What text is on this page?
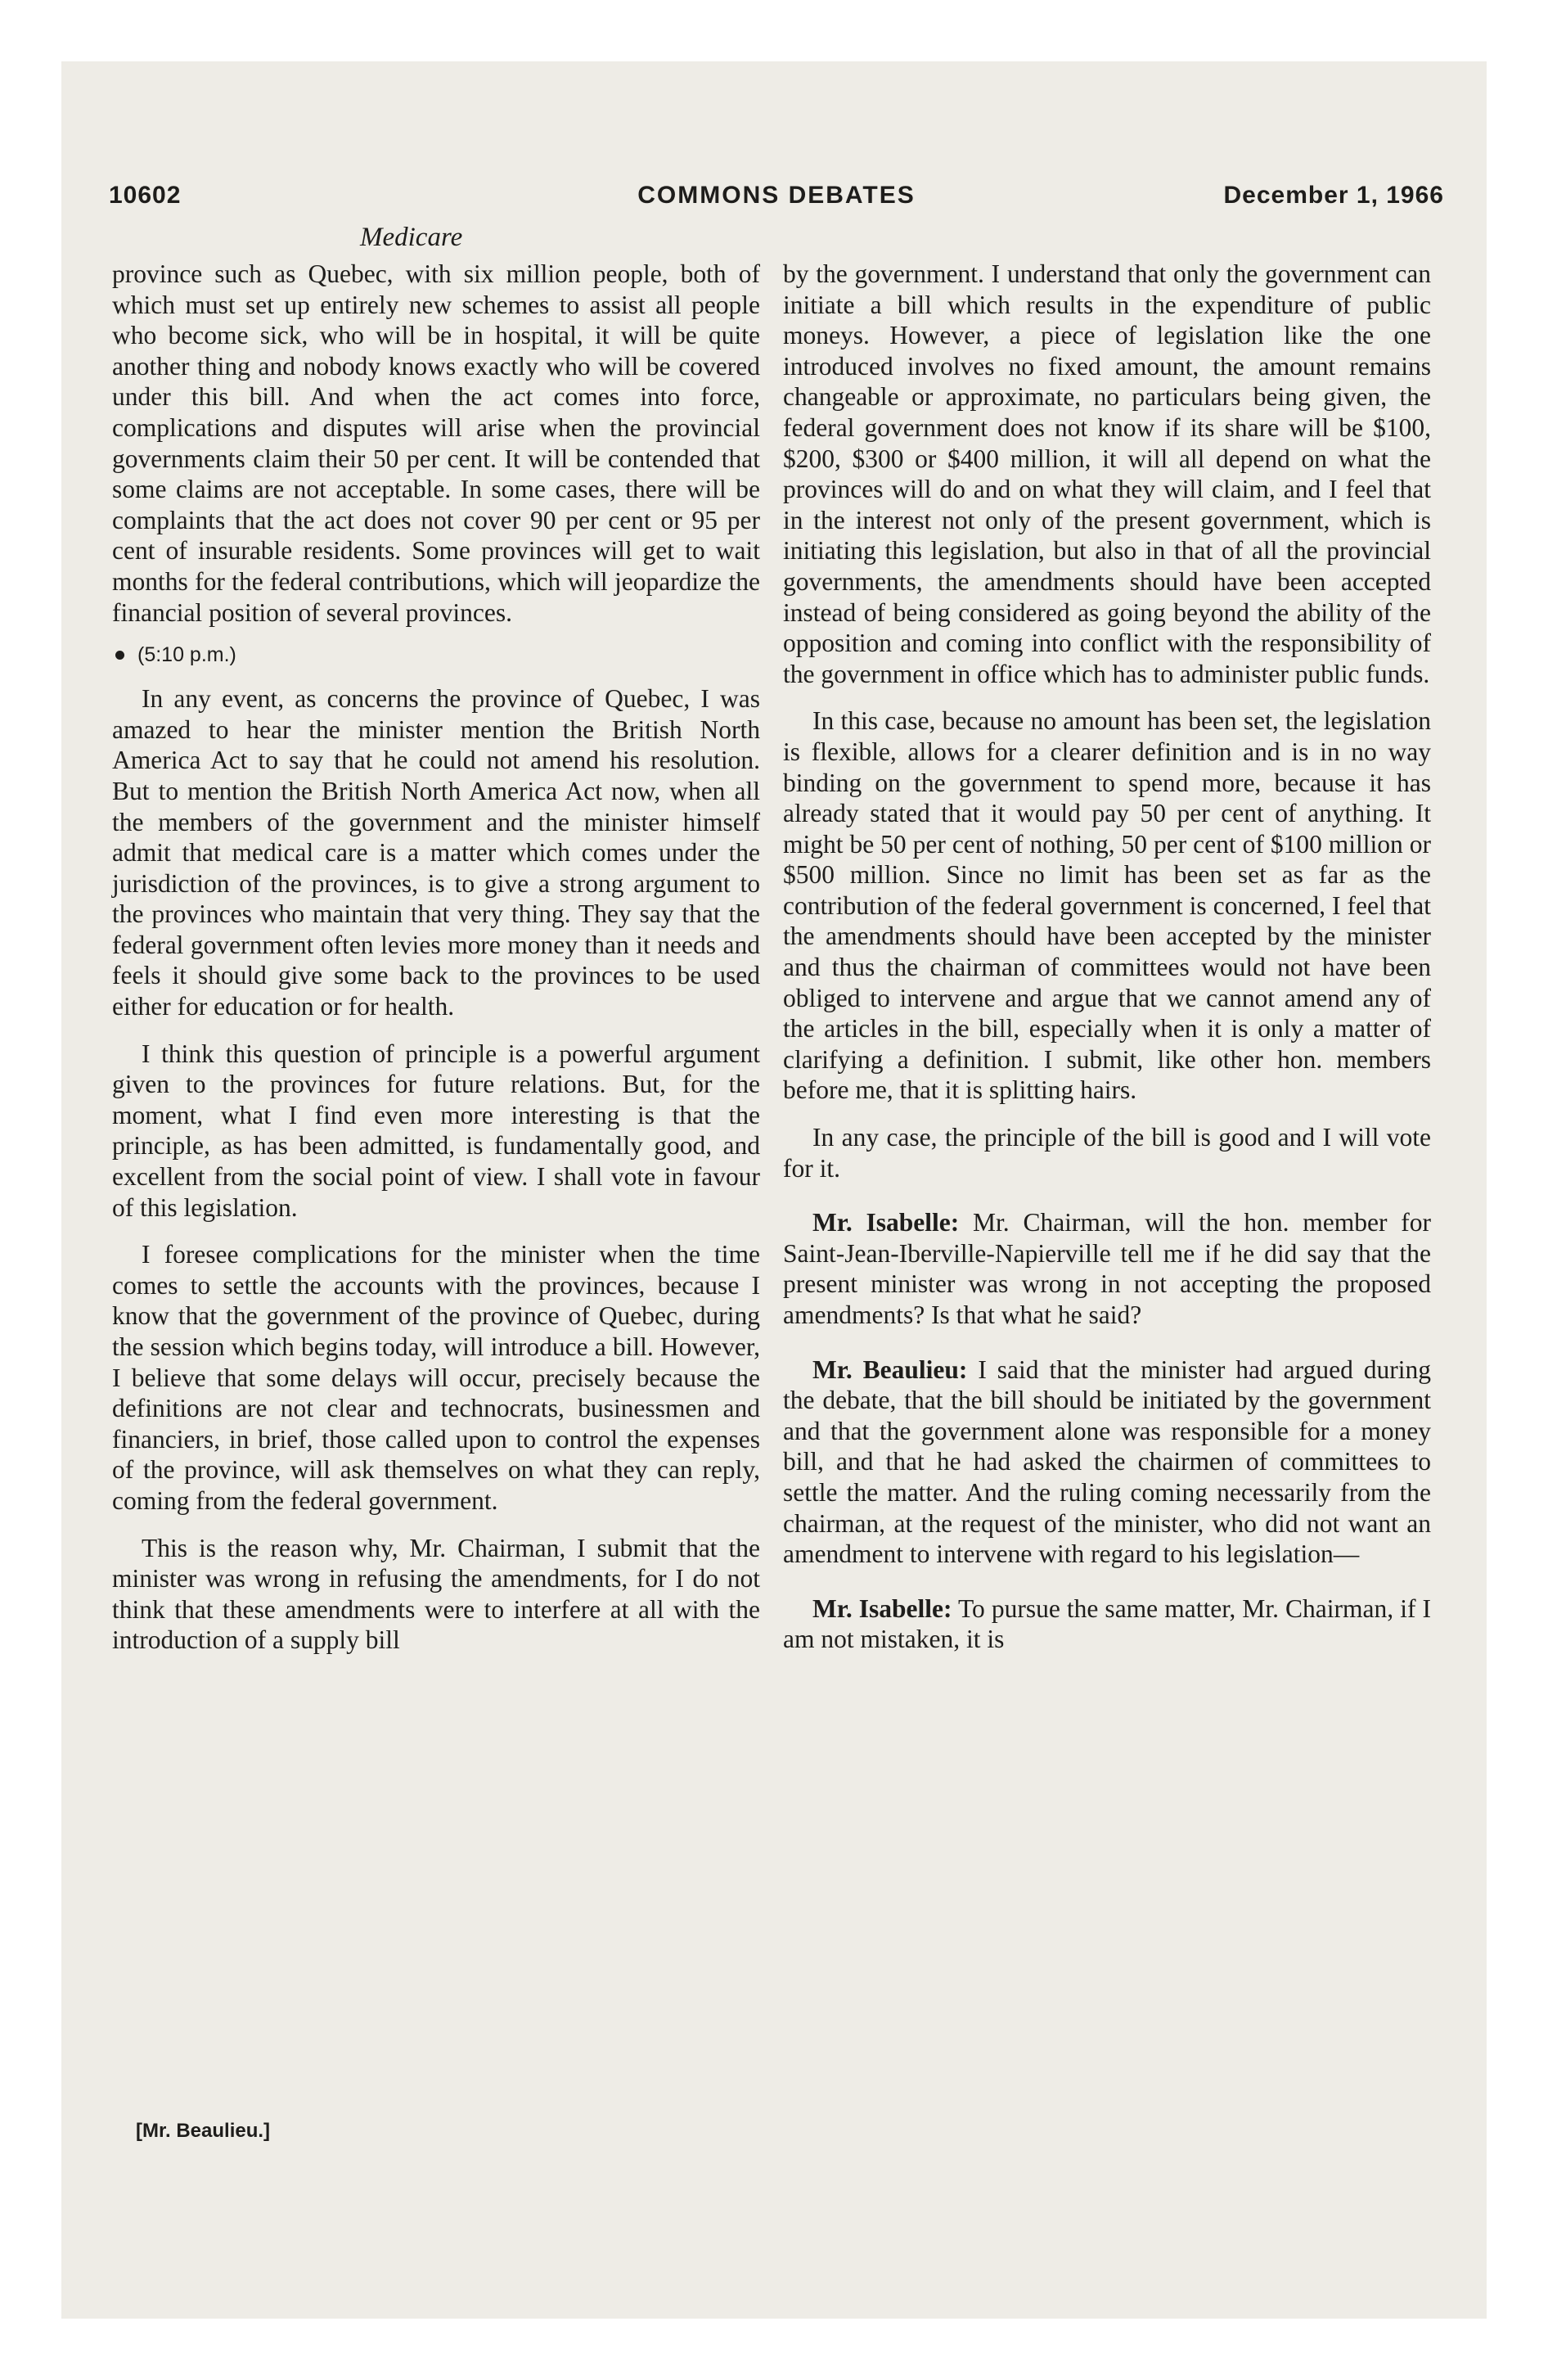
10602	COMMONS DEBATES	December 1, 1966
Medicare

province such as Quebec, with six million people, both of which must set up entirely new schemes to assist all people who become sick, who will be in hospital, it will be quite another thing and nobody knows exactly who will be covered under this bill. And when the act comes into force, complications and disputes will arise when the provincial governments claim their 50 per cent. It will be contended that some claims are not acceptable. In some cases, there will be complaints that the act does not cover 90 per cent or 95 per cent of insurable residents. Some provinces will get to wait months for the federal contributions, which will jeopardize the financial position of several provinces.

(5:10 p.m.)

In any event, as concerns the province of Quebec, I was amazed to hear the minister mention the British North America Act to say that he could not amend his resolution. But to mention the British North America Act now, when all the members of the government and the minister himself admit that medical care is a matter which comes under the jurisdiction of the provinces, is to give a strong argument to the provinces who maintain that very thing. They say that the federal government often levies more money than it needs and feels it should give some back to the provinces to be used either for education or for health.

I think this question of principle is a powerful argument given to the provinces for future relations. But, for the moment, what I find even more interesting is that the principle, as has been admitted, is fundamentally good, and excellent from the social point of view. I shall vote in favour of this legislation.

I foresee complications for the minister when the time comes to settle the accounts with the provinces, because I know that the government of the province of Quebec, during the session which begins today, will introduce a bill. However, I believe that some delays will occur, precisely because the definitions are not clear and technocrats, businessmen and financiers, in brief, those called upon to control the expenses of the province, will ask themselves on what they can reply, coming from the federal government.

This is the reason why, Mr. Chairman, I submit that the minister was wrong in refusing the amendments, for I do not think that these amendments were to interfere at all with the introduction of a supply bill

[Mr. Beaulieu.]

by the government. I understand that only the government can initiate a bill which results in the expenditure of public moneys. However, a piece of legislation like the one introduced involves no fixed amount, the amount remains changeable or approximate, no particulars being given, the federal government does not know if its share will be $100, $200, $300 or $400 million, it will all depend on what the provinces will do and on what they will claim, and I feel that in the interest not only of the present government, which is initiating this legislation, but also in that of all the provincial governments, the amendments should have been accepted instead of being considered as going beyond the ability of the opposition and coming into conflict with the responsibility of the government in office which has to administer public funds.

In this case, because no amount has been set, the legislation is flexible, allows for a clearer definition and is in no way binding on the government to spend more, because it has already stated that it would pay 50 per cent of anything. It might be 50 per cent of nothing, 50 per cent of $100 million or $500 million. Since no limit has been set as far as the contribution of the federal government is concerned, I feel that the amendments should have been accepted by the minister and thus the chairman of committees would not have been obliged to intervene and argue that we cannot amend any of the articles in the bill, especially when it is only a matter of clarifying a definition. I submit, like other hon. members before me, that it is splitting hairs.

In any case, the principle of the bill is good and I will vote for it.

Mr. Isabelle: Mr. Chairman, will the hon. member for Saint-Jean-Iberville-Napierville tell me if he did say that the present minister was wrong in not accepting the proposed amendments? Is that what he said?

Mr. Beaulieu: I said that the minister had argued during the debate, that the bill should be initiated by the government and that the government alone was responsible for a money bill, and that he had asked the chairmen of committees to settle the matter. And the ruling coming necessarily from the chairman, at the request of the minister, who did not want an amendment to intervene with regard to his legislation—

Mr. Isabelle: To pursue the same matter, Mr. Chairman, if I am not mistaken, it is
